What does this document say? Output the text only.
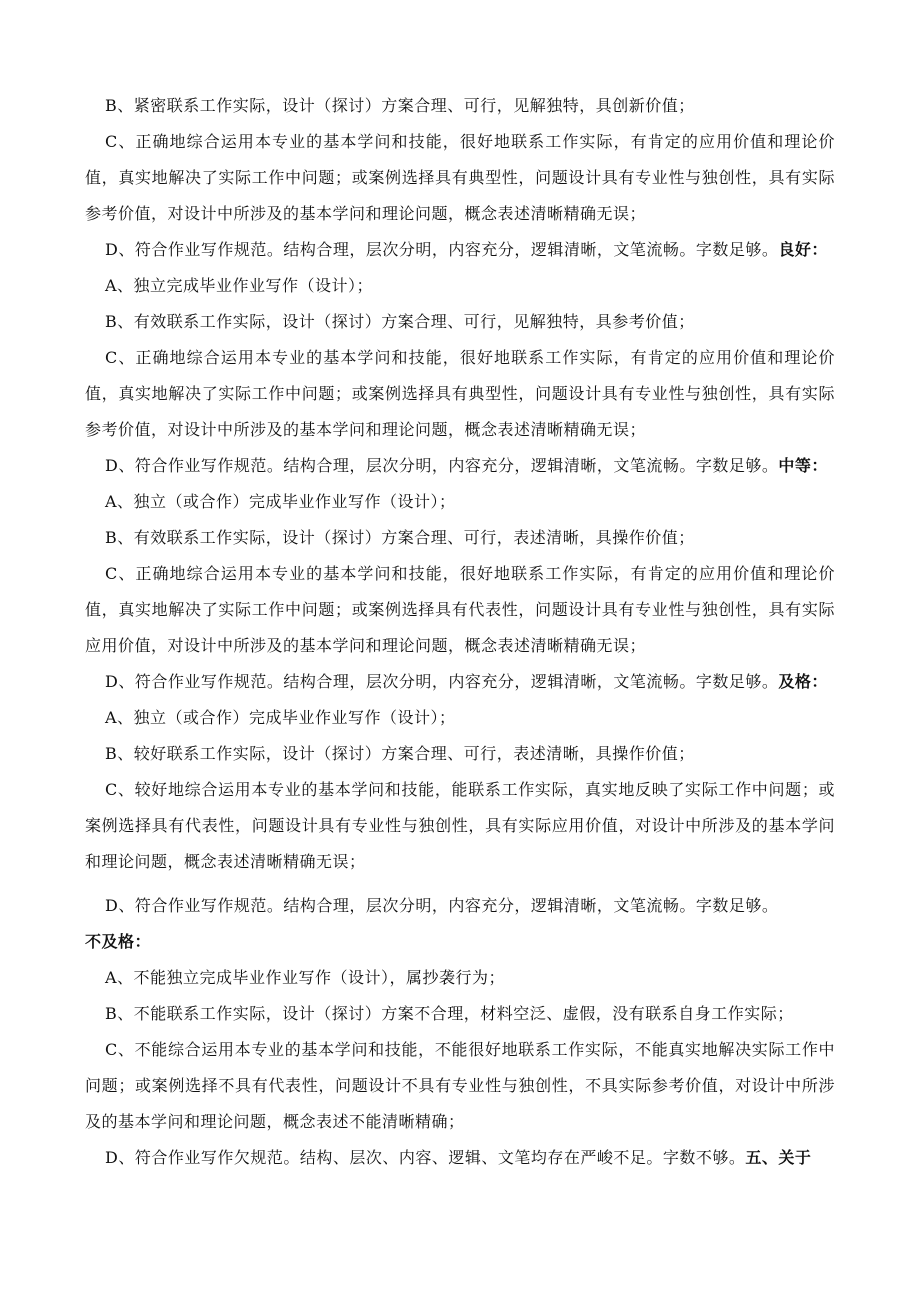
B、紧密联系工作实际，设计（探讨）方案合理、可行，见解独特，具创新价值；

C、正确地综合运用本专业的基本学问和技能，很好地联系工作实际，有肯定的应用价值和理论价值，真实地解决了实际工作中问题；或案例选择具有典型性，问题设计具有专业性与独创性，具有实际参考价值，对设计中所涉及的基本学问和理论问题，概念表述清晰精确无误；

D、符合作业写作规范。结构合理，层次分明，内容充分，逻辑清晰，文笔流畅。字数足够。良好：

A、独立完成毕业作业写作（设计）；

B、有效联系工作实际，设计（探讨）方案合理、可行，见解独特，具参考价值；

C、正确地综合运用本专业的基本学问和技能，很好地联系工作实际，有肯定的应用价值和理论价值，真实地解决了实际工作中问题；或案例选择具有典型性，问题设计具有专业性与独创性，具有实际参考价值，对设计中所涉及的基本学问和理论问题，概念表述清晰精确无误；

D、符合作业写作规范。结构合理，层次分明，内容充分，逻辑清晰，文笔流畅。字数足够。中等：

A、独立（或合作）完成毕业作业写作（设计）；

B、有效联系工作实际，设计（探讨）方案合理、可行，表述清晰，具操作价值；

C、正确地综合运用本专业的基本学问和技能，很好地联系工作实际，有肯定的应用价值和理论价值，真实地解决了实际工作中问题；或案例选择具有代表性，问题设计具有专业性与独创性，具有实际应用价值，对设计中所涉及的基本学问和理论问题，概念表述清晰精确无误；

D、符合作业写作规范。结构合理，层次分明，内容充分，逻辑清晰，文笔流畅。字数足够。及格：

A、独立（或合作）完成毕业作业写作（设计）；

B、较好联系工作实际，设计（探讨）方案合理、可行，表述清晰，具操作价值；

C、较好地综合运用本专业的基本学问和技能，能联系工作实际，真实地反映了实际工作中问题；或案例选择具有代表性，问题设计具有专业性与独创性，具有实际应用价值，对设计中所涉及的基本学问和理论问题，概念表述清晰精确无误；

D、符合作业写作规范。结构合理，层次分明，内容充分，逻辑清晰，文笔流畅。字数足够。

不及格：

A、不能独立完成毕业作业写作（设计），属抄袭行为；

B、不能联系工作实际，设计（探讨）方案不合理，材料空泛、虚假，没有联系自身工作实际；

C、不能综合运用本专业的基本学问和技能，不能很好地联系工作实际，不能真实地解决实际工作中问题；或案例选择不具有代表性，问题设计不具有专业性与独创性，不具实际参考价值，对设计中所涉及的基本学问和理论问题，概念表述不能清晰精确；

D、符合作业写作欠规范。结构、层次、内容、逻辑、文笔均存在严峻不足。字数不够。五、关于
